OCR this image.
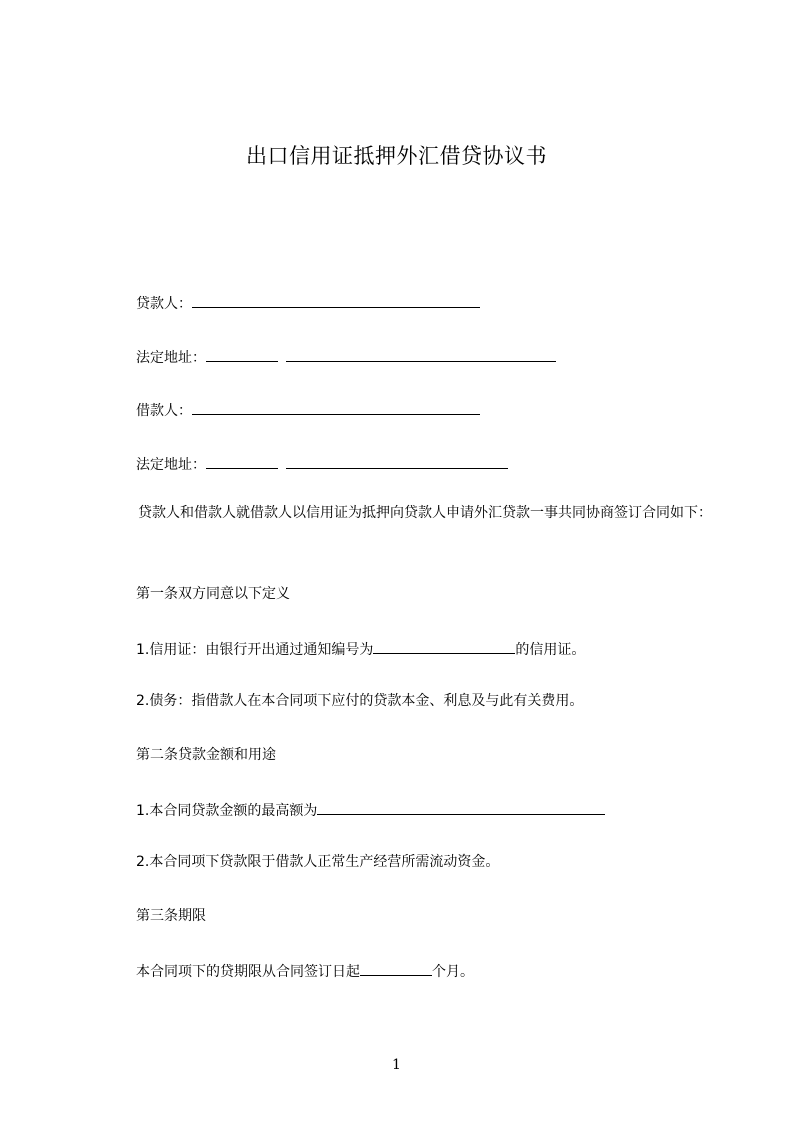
出口信用证抵押外汇借贷协议书
贷款人：
法定地址：
借款人：
法定地址：
贷款人和借款人就借款人以信用证为抵押向贷款人申请外汇贷款一事共同协商签订合同如下：
第一条双方同意以下定义
1.信用证：由银行开出通过通知编号为	的信用证。
2.债务：指借款人在本合同项下应付的贷款本金、利息及与此有关费用。
第二条贷款金额和用途
1.本合同贷款金额的最高额为
2.本合同项下贷款限于借款人正常生产经营所需流动资金。
第三条期限
本合同项下的贷期限从合同签订日起	个月。
1
